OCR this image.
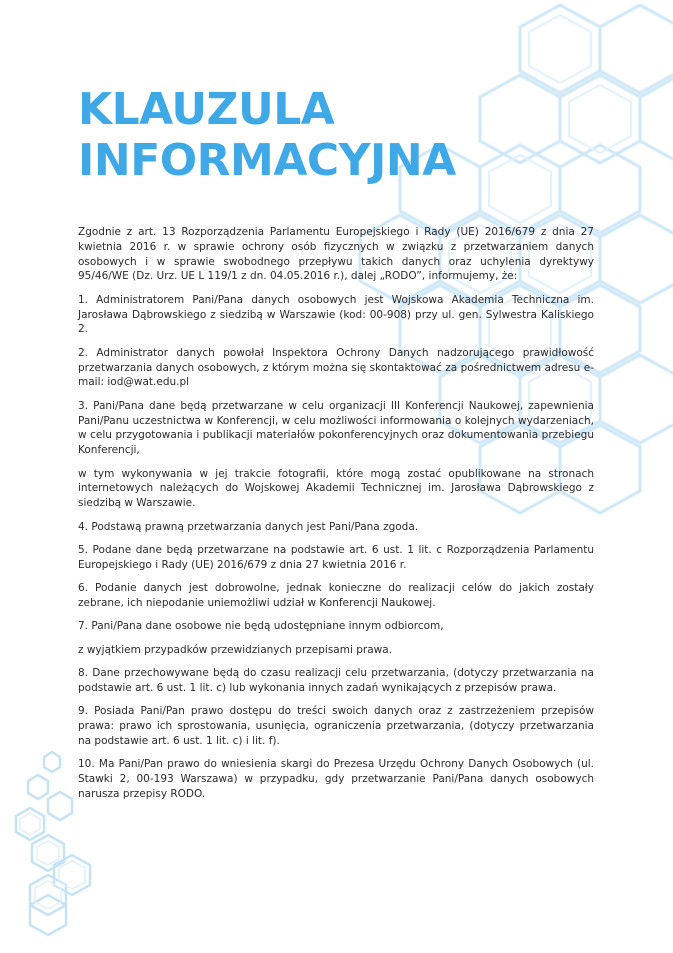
KLAUZULA
INFORMACYJNA

Zgodnie z art. 13 Rozporządzenia Parlamentu Europejskiego i Rady (UE) 2016/679 z dnia 27 kwietnia 2016 r. w sprawie ochrony osób fizycznych w związku z przetwarzaniem danych osobowych i w sprawie swobodnego przepływu takich danych oraz uchylenia dyrektywy 95/46/WE (Dz. Urz. UE L 119/1 z dn. 04.05.2016 r.), dalej „RODO”, informujemy, że:

1. Administratorem Pani/Pana danych osobowych jest Wojskowa Akademia Techniczna im. Jarosława Dąbrowskiego z siedzibą w Warszawie (kod: 00-908) przy ul. gen. Sylwestra Kaliskiego 2.

2. Administrator danych powołał Inspektora Ochrony Danych nadzorującego prawidłowość przetwarzania danych osobowych, z którym można się skontaktować za pośrednictwem adresu e-mail: iod@wat.edu.pl

3. Pani/Pana dane będą przetwarzane w celu organizacji III Konferencji Naukowej, zapewnienia Pani/Panu uczestnictwa w Konferencji, w celu możliwości informowania o kolejnych wydarzeniach, w celu przygotowania i publikacji materiałów pokonferencyjnych oraz dokumentowania przebiegu Konferencji,

w tym wykonywania w jej trakcie fotografii, które mogą zostać opublikowane na stronach internetowych należących do Wojskowej Akademii Technicznej im. Jarosława Dąbrowskiego z siedzibą w Warszawie.

4. Podstawą prawną przetwarzania danych jest Pani/Pana zgoda.

5. Podane dane będą przetwarzane na podstawie art. 6 ust. 1 lit. c Rozporządzenia Parlamentu Europejskiego i Rady (UE) 2016/679 z dnia 27 kwietnia 2016 r.

6. Podanie danych jest dobrowolne, jednak konieczne do realizacji celów do jakich zostały zebrane, ich niepodanie uniemożliwi udział w Konferencji Naukowej.

7. Pani/Pana dane osobowe nie będą udostępniane innym odbiorcom,

z wyjątkiem przypadków przewidzianych przepisami prawa.

8. Dane przechowywane będą do czasu realizacji celu przetwarzania, (dotyczy przetwarzania na podstawie art. 6 ust. 1 lit. c) lub wykonania innych zadań wynikających z przepisów prawa.

9. Posiada Pani/Pan prawo dostępu do treści swoich danych oraz z zastrzeżeniem przepisów prawa: prawo ich sprostowania, usunięcia, ograniczenia przetwarzania, (dotyczy przetwarzania na podstawie art. 6 ust. 1 lit. c) i lit. f).

10. Ma Pani/Pan prawo do wniesienia skargi do Prezesa Urzędu Ochrony Danych Osobowych (ul. Stawki 2, 00-193 Warszawa) w przypadku, gdy przetwarzanie Pani/Pana danych osobowych narusza przepisy RODO.
